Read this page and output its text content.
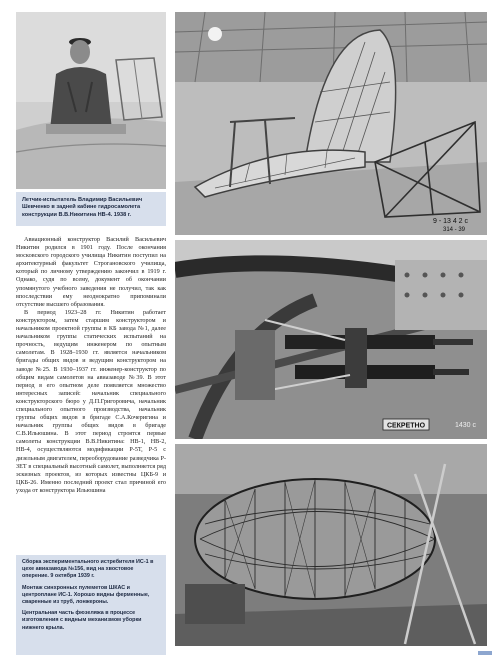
Летчик-испытатель Владимир Васильевич Шевченко в задней кабине гидросамолета конструкции В.В.Никитина НВ-4. 1938 г.
9 - 13 4 2 с
314 - 39
СЕКРЕТНО	1430 с

Авиационный конструктор Василий Васильевич Никитин родился в 1901 году. После окончания московского городского училища Никитин поступил на архитектурный факультет Строгановского училища, который по личному утверждению закончил в 1919 г. Однако, судя по всему, документ об окончании упомянутого учебного заведения не получил, так как впоследствии ему неоднократно припоминали отсутствие высшего образования.

В период 1923–28 гг. Никитин работает конструктором, затем старшим конструктором и начальником проектной группы в КБ завода №1, далее начальником группы статических испытаний на прочность, ведущим инженером по опытным самолетам. В 1928–1930 гг. является начальником бригады общих видов и ведущим конструктором на заводе №25. В 1930–1937 гг. инженер-конструктор по общим видам самолетов на авиазаводе №39. В этот период в его опытном деле появляется множество интересных записей: начальник специального конструкторского бюро у Д.П.Григоровича, начальник специального опытного производства, начальник группы общих видов в бригаде С.А.Кочеригина и начальник группы общих видов в бригаде С.В.Ильюшина. В этот период строятся первые самолеты конструкции В.В.Никитина: НВ-1, НВ-2, НВ-4, осуществляются модификации Р-5Т, Р-5 с дизельным двигателем, переоборудование разведчика Р-ЗЕТ в специальный высотный самолет, выполняется ряд эскизных проектов, из которых известны ЦКБ-9 и ЦКБ-26. Именно последний проект стал причиной его ухода от конструктора Ильюшина

Сборка экспериментального истребителя ИС-1 в цехе авиазавода №156, вид на хвостовое оперение. 9 октября 1939 г.

Монтаж синхронных пулеметов ШКАС и центроплане ИС-1. Хорошо видны ферменные, сваренные из труб, лонжероны.

Центральная часть фюзеляжа в процессе изготовления с видным механизмом уборки нижнего крыла.
